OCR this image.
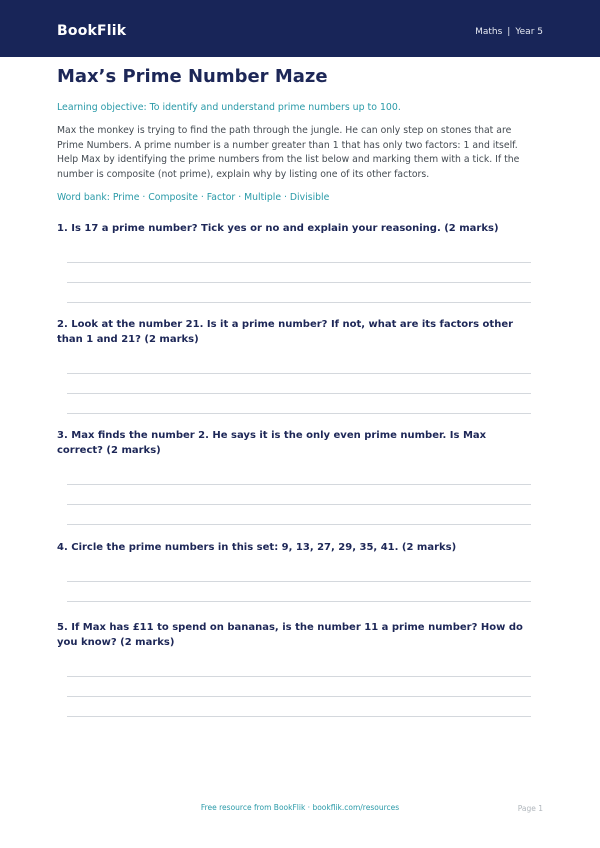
BookFlik	Maths | Year 5
Max’s Prime Number Maze

Learning objective: To identify and understand prime numbers up to 100.

Max the monkey is trying to find the path through the jungle. He can only step on stones that are Prime Numbers. A prime number is a number greater than 1 that has only two factors: 1 and itself. Help Max by identifying the prime numbers from the list below and marking them with a tick. If the number is composite (not prime), explain why by listing one of its other factors.

Word bank: Prime · Composite · Factor · Multiple · Divisible

1. Is 17 a prime number? Tick yes or no and explain your reasoning. (2 marks)
2. Look at the number 21. Is it a prime number? If not, what are its factors other than 1 and 21? (2 marks)
3. Max finds the number 2. He says it is the only even prime number. Is Max correct? (2 marks)
4. Circle the prime numbers in this set: 9, 13, 27, 29, 35, 41. (2 marks)
5. If Max has £11 to spend on bananas, is the number 11 a prime number? How do you know? (2 marks)
Free resource from BookFlik · bookflik.com/resources	Page 1
